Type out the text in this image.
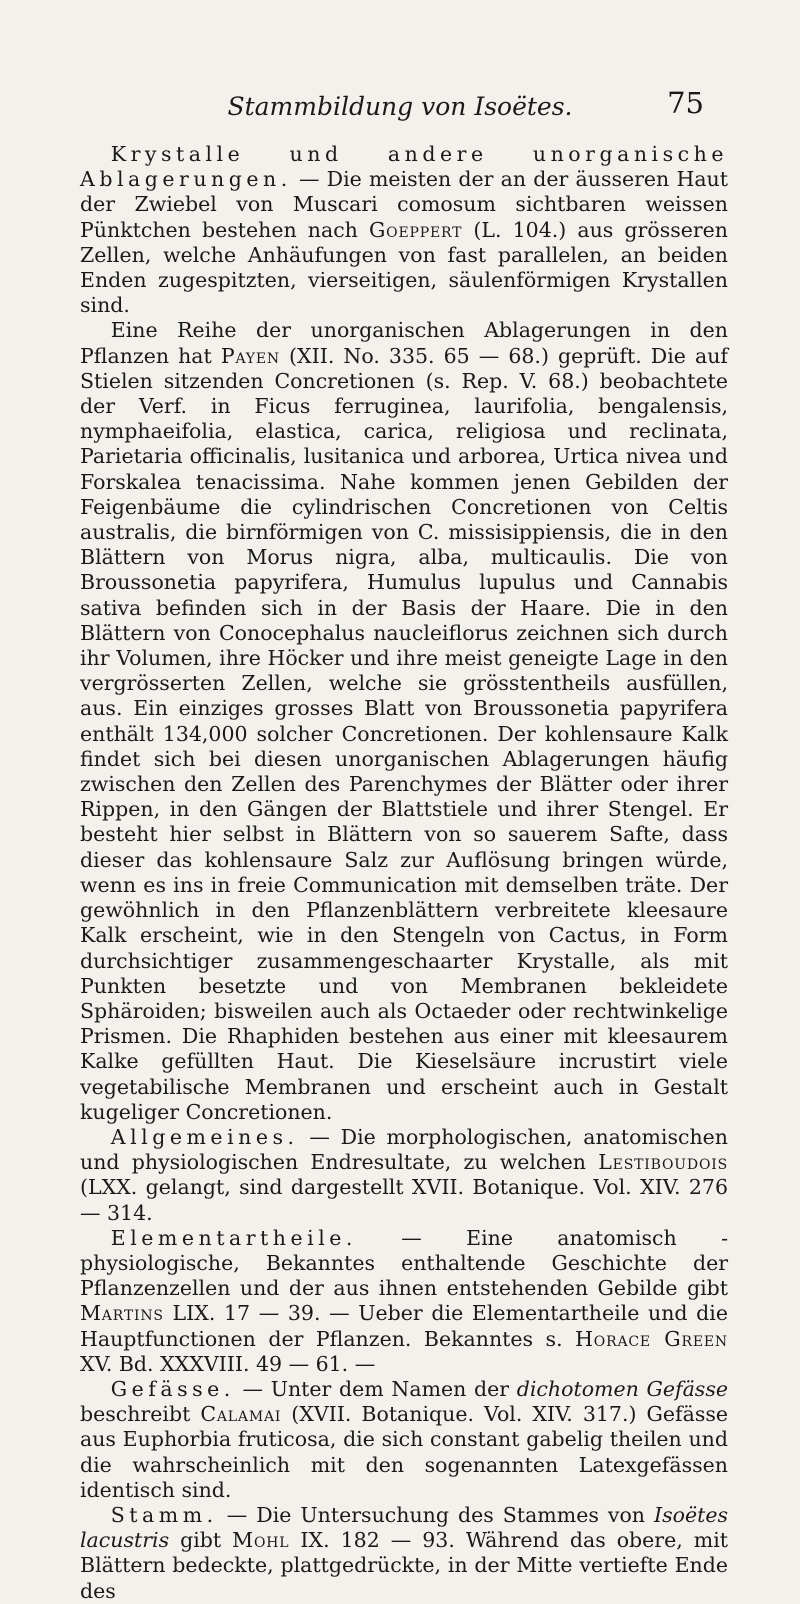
Stammbildung von Isoëtes.	75

Krystalle und andere unorganische Ablagerungen. — Die meisten der an der äusseren Haut der Zwiebel von Muscari comosum sichtbaren weissen Pünktchen bestehen nach Goeppert (L. 104.) aus grösseren Zellen, welche Anhäufungen von fast parallelen, an beiden Enden zugespitzten, vierseitigen, säulenförmigen Krystallen sind.

Eine Reihe der unorganischen Ablagerungen in den Pflanzen hat Payen (XII. No. 335. 65 — 68.) geprüft. Die auf Stielen sitzenden Concretionen (s. Rep. V. 68.) beobachtete der Verf. in Ficus ferruginea, laurifolia, bengalensis, nymphaeifolia, elastica, carica, religiosa und reclinata, Parietaria officinalis, lusitanica und arborea, Urtica nivea und Forskalea tenacissima. Nahe kommen jenen Gebilden der Feigenbäume die cylindrischen Concretionen von Celtis australis, die birnförmigen von C. missisippiensis, die in den Blättern von Morus nigra, alba, multicaulis. Die von Broussonetia papyrifera, Humulus lupulus und Cannabis sativa befinden sich in der Basis der Haare. Die in den Blättern von Conocephalus naucleiflorus zeichnen sich durch ihr Volumen, ihre Höcker und ihre meist geneigte Lage in den vergrösserten Zellen, welche sie grösstentheils ausfüllen, aus. Ein einziges grosses Blatt von Broussonetia papyrifera enthält 134,000 solcher Concretionen. Der kohlensaure Kalk findet sich bei diesen unorganischen Ablagerungen häufig zwischen den Zellen des Parenchymes der Blätter oder ihrer Rippen, in den Gängen der Blattstiele und ihrer Stengel. Er besteht hier selbst in Blättern von so sauerem Safte, dass dieser das kohlensaure Salz zur Auflösung bringen würde, wenn es ins in freie Communication mit demselben träte. Der gewöhnlich in den Pflanzenblättern verbreitete kleesaure Kalk erscheint, wie in den Stengeln von Cactus, in Form durchsichtiger zusammengeschaarter Krystalle, als mit Punkten besetzte und von Membranen bekleidete Sphäroiden; bisweilen auch als Octaeder oder rechtwinkelige Prismen. Die Rhaphiden bestehen aus einer mit kleesaurem Kalke gefüllten Haut. Die Kieselsäure incrustirt viele vegetabilische Membranen und erscheint auch in Gestalt kugeliger Concretionen.

Allgemeines. — Die morphologischen, anatomischen und physiologischen Endresultate, zu welchen Lestiboudois (LXX. gelangt, sind dargestellt XVII. Botanique. Vol. XIV. 276 — 314.

Elementartheile. — Eine anatomisch - physiologische, Bekanntes enthaltende Geschichte der Pflanzenzellen und der aus ihnen entstehenden Gebilde gibt Martins LIX. 17 — 39. — Ueber die Elementartheile und die Hauptfunctionen der Pflanzen. Bekanntes s. Horace Green XV. Bd. XXXVIII. 49 — 61. —

Gefässe. — Unter dem Namen der dichotomen Gefässe beschreibt Calamai (XVII. Botanique. Vol. XIV. 317.) Gefässe aus Euphorbia fruticosa, die sich constant gabelig theilen und die wahrscheinlich mit den sogenannten Latexgefässen identisch sind.

Stamm. — Die Untersuchung des Stammes von Isoëtes lacustris gibt Mohl IX. 182 — 93. Während das obere, mit Blättern bedeckte, plattgedrückte, in der Mitte vertiefte Ende des
